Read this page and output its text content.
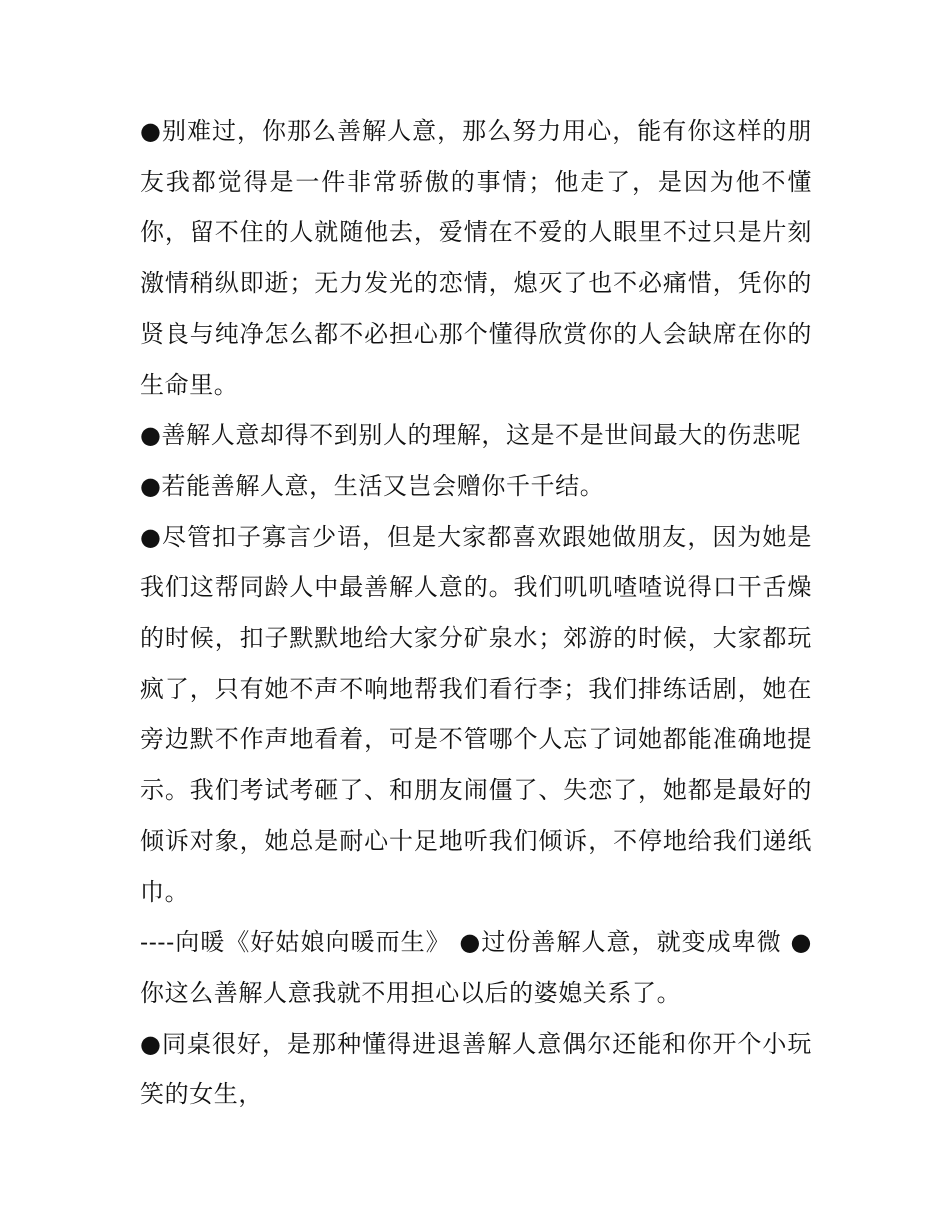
●别难过，你那么善解人意，那么努力用心，能有你这样的朋友我都觉得是一件非常骄傲的事情；他走了，是因为他不懂你，留不住的人就随他去，爱情在不爱的人眼里不过只是片刻激情稍纵即逝；无力发光的恋情，熄灭了也不必痛惜，凭你的贤良与纯净怎么都不必担心那个懂得欣赏你的人会缺席在你的生命里。

●善解人意却得不到别人的理解，这是不是世间最大的伤悲呢

●若能善解人意，生活又岂会赠你千千结。

●尽管扣子寡言少语，但是大家都喜欢跟她做朋友，因为她是我们这帮同龄人中最善解人意的。我们叽叽喳喳说得口干舌燥的时候，扣子默默地给大家分矿泉水；郊游的时候，大家都玩疯了，只有她不声不响地帮我们看行李；我们排练话剧，她在旁边默不作声地看着，可是不管哪个人忘了词她都能准确地提示。我们考试考砸了、和朋友闹僵了、失恋了，她都是最好的倾诉对象，她总是耐心十足地听我们倾诉，不停地给我们递纸巾。

----向暖《好姑娘向暖而生》 ●过份善解人意，就变成卑微 ●你这么善解人意我就不用担心以后的婆媳关系了。

●同桌很好，是那种懂得进退善解人意偶尔还能和你开个小玩笑的女生，
